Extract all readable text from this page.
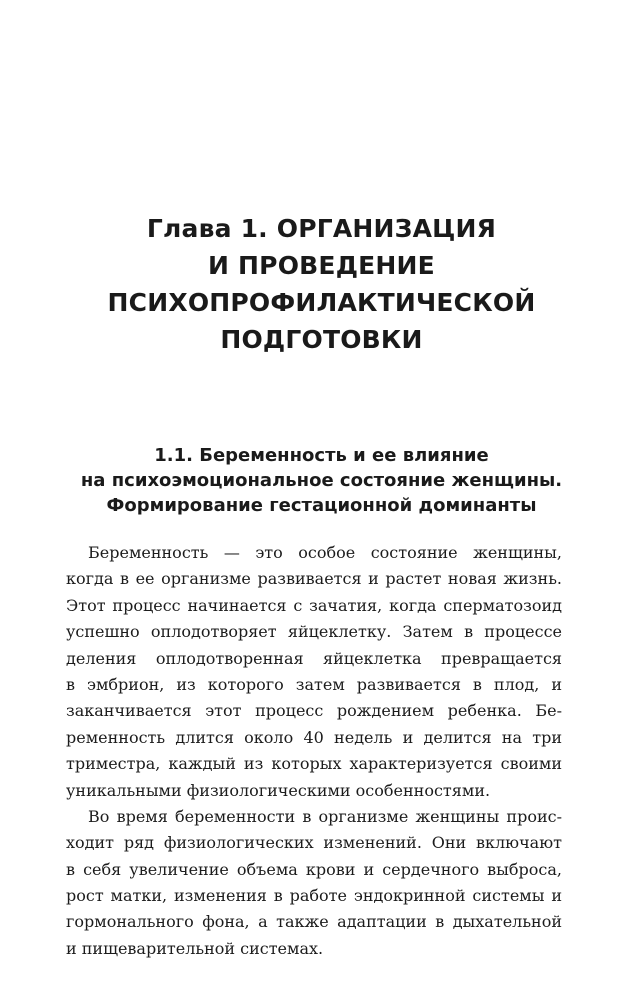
Глава 1. ОРГАНИЗАЦИЯ
И ПРОВЕДЕНИЕ
ПСИХОПРОФИЛАКТИЧЕСКОЙ
ПОДГОТОВКИ
1.1. Беременность и ее влияние
на психоэмоциональное состояние женщины.
Формирование гестационной доминанты
Беременность — это особое состояние женщины,
когда в ее организме развивается и растет новая жизнь.
Этот процесс начинается с зачатия, когда сперматозоид
успешно оплодотворяет яйцеклетку. Затем в процессе
деления оплодотворенная яйцеклетка превращается
в эмбрион, из которого затем развивается в плод, и
заканчивается этот процесс рождением ребенка. Бе-
ременность длится около 40 недель и делится на три
триместра, каждый из которых характеризуется своими
уникальными физиологическими особенностями.
Во время беременности в организме женщины проис-
ходит ряд физиологических изменений. Они включают
в себя увеличение объема крови и сердечного выброса,
рост матки, изменения в работе эндокринной системы и
гормонального фона, а также адаптации в дыхательной
и пищеварительной системах.
